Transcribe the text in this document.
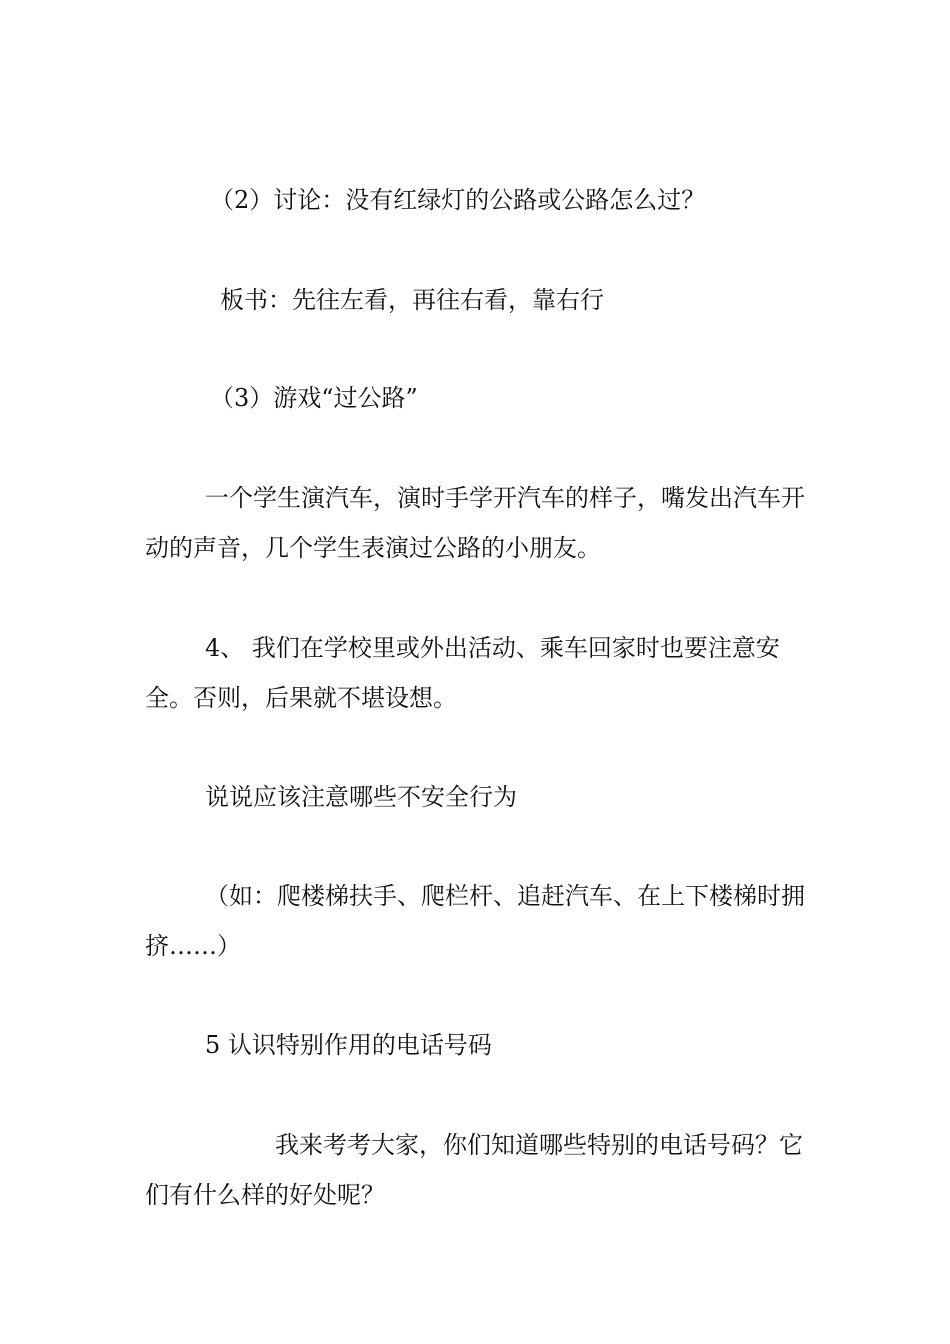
（2）讨论：没有红绿灯的公路或公路怎么过？

板书：先往左看，再往右看，靠右行

（3）游戏“过公路”

一个学生演汽车，演时手学开汽车的样子，嘴发出汽车开动的声音，几个学生表演过公路的小朋友。

4、 我们在学校里或外出活动、乘车回家时也要注意安全。否则，后果就不堪设想。

说说应该注意哪些不安全行为

（如：爬楼梯扶手、爬栏杆、追赶汽车、在上下楼梯时拥挤……）

5 认识特别作用的电话号码

我来考考大家，你们知道哪些特别的电话号码？它们有什么样的好处呢？
